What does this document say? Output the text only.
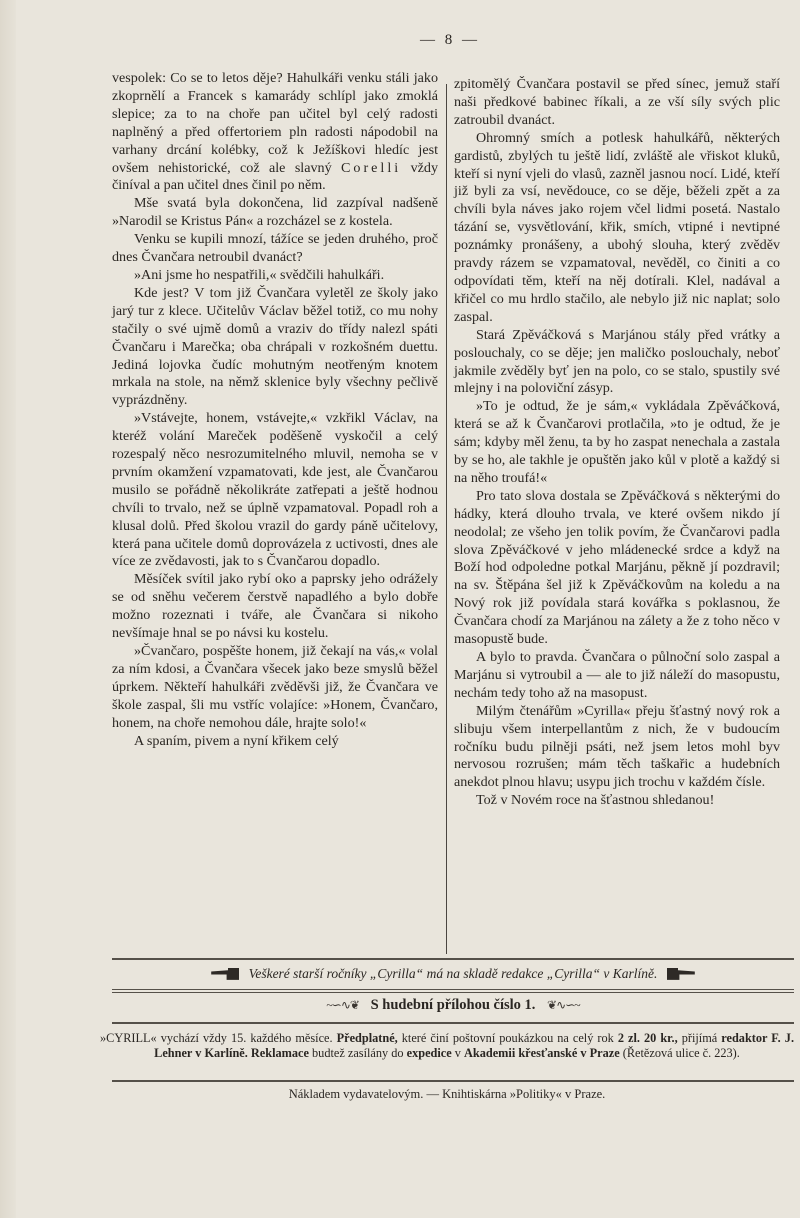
— 8 —

vespolek: Co se to letos děje? Hahulkáři venku stáli jako zkoprnělí a Francek s kamarády schlípl jako zmoklá slepice; za to na choře pan učitel byl celý radosti naplněný a před offertoriem pln radosti nápodobil na varhany drcání kolébky, což k Ježíškovi hledíc jest ovšem nehistorické, což ale slavný Corelli vždy činíval a pan učitel dnes činil po něm.

Mše svatá byla dokončena, lid zazpíval nadšeně »Narodil se Kristus Pán« a rozcházel se z kostela.

Venku se kupili mnozí, tážíce se jeden druhého, proč dnes Čvančara netroubil dvanáct?

»Ani jsme ho nespatřili,« svědčili hahulkáři.

Kde jest? V tom již Čvančara vyletěl ze školy jako jarý tur z klece. Učitelův Václav běžel totiž, co mu nohy stačily o své ujmě domů a vraziv do třídy nalezl spáti Čvančaru i Marečka; oba chrápali v rozkošném duettu. Jediná lojovka čudíc mohutným neotřeným knotem mrkala na stole, na němž sklenice byly všechny pečlivě vyprázdněny.

»Vstávejte, honem, vstávejte,« vzkřikl Václav, na kteréž volání Mareček poděšeně vyskočil a celý rozespalý něco nesrozumitelného mluvil, nemoha se v prvním okamžení vzpamatovati, kde jest, ale Čvančarou musilo se pořádně několikráte zatřepati a ještě hodnou chvíli to trvalo, než se úplně vzpamatoval. Popadl roh a klusal dolů. Před školou vrazil do gardy páně učitelovy, která pana učitele domů doprovázela z uctivosti, dnes ale více ze zvědavosti, jak to s Čvančarou dopadlo.

Měsíček svítil jako rybí oko a paprsky jeho odrážely se od sněhu večerem čerstvě napadlého a bylo dobře možno rozeznati i tváře, ale Čvančara si nikoho nevšímaje hnal se po návsi ku kostelu.

»Čvančaro, pospěšte honem, již čekají na vás,« volal za ním kdosi, a Čvančara všecek jako beze smyslů běžel úprkem. Někteří hahulkáři zvěděvši již, že Čvančara ve škole zaspal, šli mu vstříc volajíce: »Honem, Čvančaro, honem, na choře nemohou dále, hrajte solo!«

A spaním, pivem a nyní křikem celý

zpitomělý Čvančara postavil se před sínec, jemuž staří naši předkové babinec říkali, a ze vší síly svých plic zatroubil dvanáct.

Ohromný smích a potlesk hahulkářů, některých gardistů, zbylých tu ještě lidí, zvláště ale vřiskot kluků, kteří si nyní vjeli do vlasů, zazněl jasnou nocí. Lidé, kteří již byli za vsí, nevědouce, co se děje, běželi zpět a za chvíli byla náves jako rojem včel lidmi posetá. Nastalo tázání se, vysvětlování, křik, smích, vtipné i nevtipné poznámky pronášeny, a ubohý slouha, který zvěděv pravdy rázem se vzpamatoval, nevěděl, co činiti a co odpovídati těm, kteří na něj dotírali. Klel, nadával a křičel co mu hrdlo stačilo, ale nebylo již nic naplat; solo zaspal.

Stará Zpěváčková s Marjánou stály před vrátky a poslouchaly, co se děje; jen maličko poslouchaly, neboť jakmile zvěděly byť jen na polo, co se stalo, spustily své mlejny i na poloviční zásyp.

»To je odtud, že je sám,« vykládala Zpěváčková, která se až k Čvančarovi protlačila, »to je odtud, že je sám; kdyby měl ženu, ta by ho zaspat nenechala a zastala by se ho, ale takhle je opuštěn jako kůl v plotě a každý si na něho troufá!«

Pro tato slova dostala se Zpěváčková s některými do hádky, která dlouho trvala, ve které ovšem nikdo jí neodolal; ze všeho jen tolik povím, že Čvančarovi padla slova Zpěváčkové v jeho mládenecké srdce a když na Boží hod odpoledne potkal Marjánu, pěkně jí pozdravil; na sv. Štěpána šel již k Zpěváčkovům na koledu a na Nový rok již povídala stará kovářka s poklasnou, že Čvančara chodí za Marjánou na zálety a že z toho něco v masopustě bude.

A bylo to pravda. Čvančara o půlnoční solo zaspal a Marjánu si vytroubil a — ale to již náleží do masopustu, nechám tedy toho až na masopust.

Milým čtenářům »Cyrilla« přeju šťastný nový rok a slibuju všem interpellantům z nich, že v budoucím ročníku budu pilněji psáti, než jsem letos mohl byv nervosou rozrušen; mám těch taškařic a hudebních anekdot plnou hlavu; usypu jich trochu v každém čísle.

Tož v Novém roce na šťastnou shledanou!

Veškeré starší ročníky „Cyrilla“ má na skladě redakce „Cyrilla“ v Karlíně.
~∽∿❦ S hudební přílohou číslo 1. ❦∿∽~
»CYRILL« vychází vždy 15. každého měsíce. Předplatné, které činí poštovní poukázkou na celý rok 2 zl. 20 kr., přijímá redaktor F. J. Lehner v Karlíně. Reklamace budtež zasílány do expedice v Akademii křesťanské v Praze (Řetězová ulice č. 223).
Nákladem vydavatelovým. — Knihtiskárna »Politiky« v Praze.
